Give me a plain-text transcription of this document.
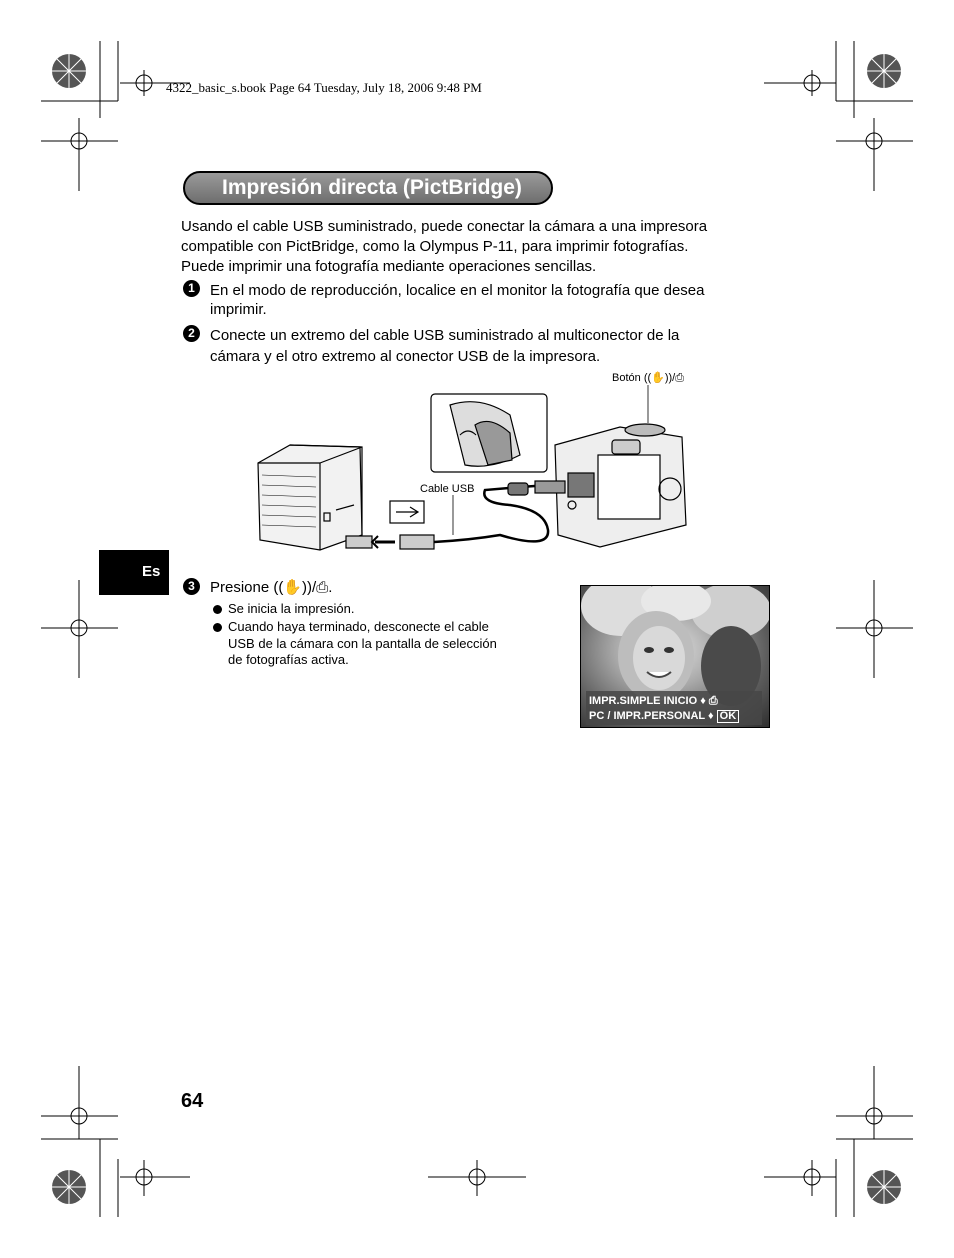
4322_basic_s.book Page 64 Tuesday, July 18, 2006 9:48 PM
Impresión directa (PictBridge)
Usando el cable USB suministrado, puede conectar la cámara a una impresora
compatible con PictBridge, como la Olympus P-11, para imprimir fotografías.
Puede imprimir una fotografía mediante operaciones sencillas.
1	En el modo de reproducción, localice en el monitor la fotografía que desea
imprimir.
2	Conecte un extremo del cable USB suministrado al multiconector de la
cámara y el otro extremo al conector USB de la impresora.
Botón ((✋))/⎙
Cable USB
Es
3	Presione ((✋))/⎙.
Se inicia la impresión.
Cuando haya terminado, desconecte el cable
USB de la cámara con la pantalla de selección
de fotografías activa.
IMPR.SIMPLE INICIO ♦ ⎙
PC / IMPR.PERSONAL ♦ OK
64
